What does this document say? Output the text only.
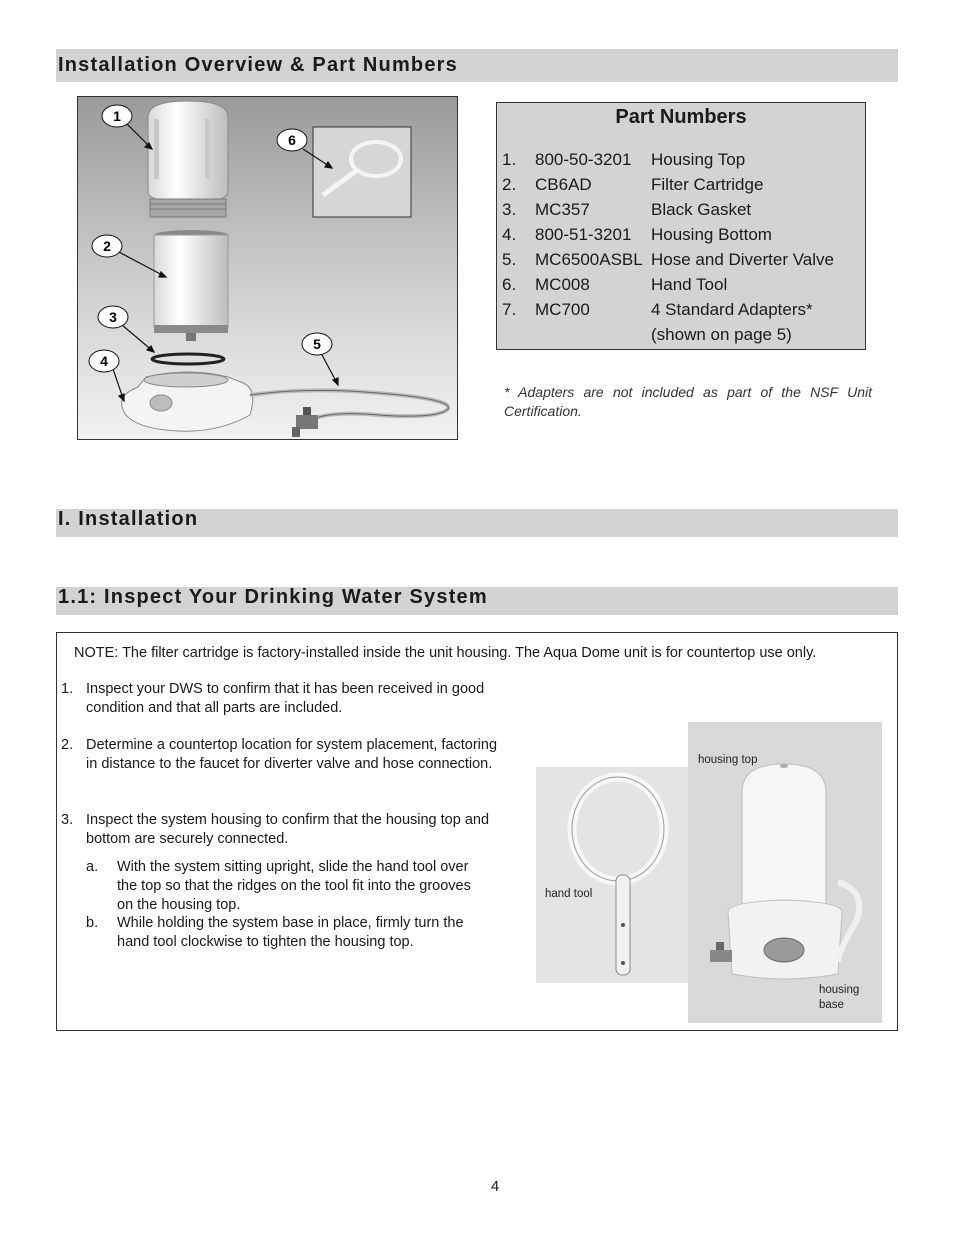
Installation Overview & Part Numbers
1
6
2
3
4
5
Part Numbers
1.	800-50-3201	Housing Top
2.	CB6AD	Filter Cartridge
3.	MC357	Black Gasket
4.	800-51-3201	Housing Bottom
5.	MC6500ASBL Hose and Diverter Valve
6.	MC008	Hand Tool
7.	MC700	4 Standard Adapters*
(shown on page 5)
* Adapters are not included as part of the NSF Unit Certification.
I. Installation
1.1: Inspect Your Drinking Water System
NOTE: The filter cartridge is factory-installed inside the unit housing. The Aqua Dome unit is for countertop use only.
1. Inspect your DWS to confirm that it has been received in good condition and that all parts are included.
2. Determine a countertop location for system placement, factoring in distance to the faucet for diverter valve and hose connection.
3. Inspect the system housing to confirm that the housing top and bottom are securely connected.
a. With the system sitting upright, slide the hand tool over the top so that the ridges on the tool fit into the grooves on the housing top.
b. While holding the system base in place, firmly turn the hand tool clockwise to tighten the housing top.
hand tool
housing top
housing base
4
